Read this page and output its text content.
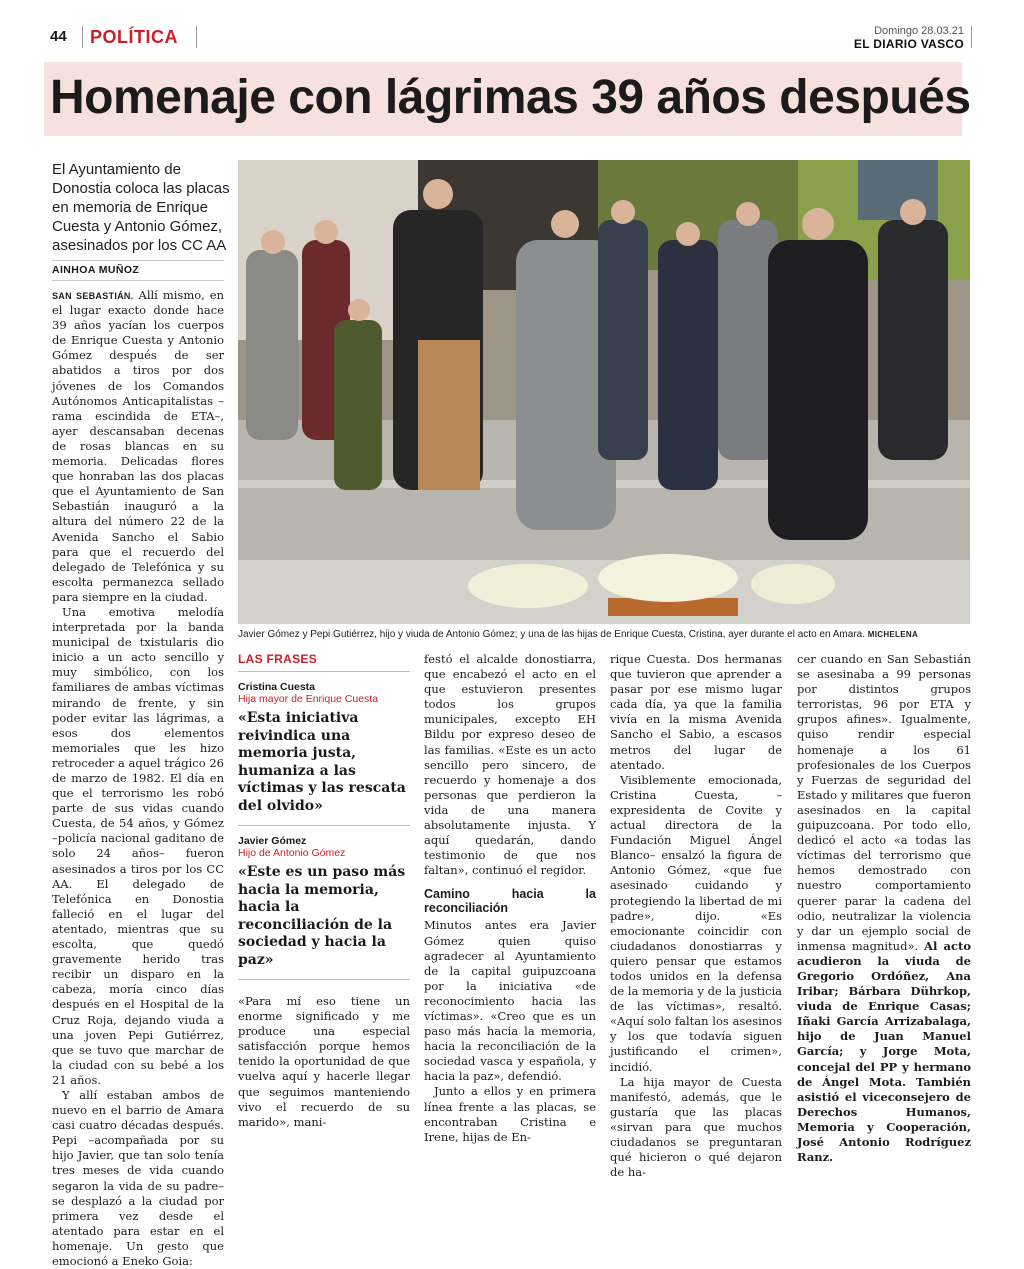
44 POLÍTICA	Domingo 28.03.21
EL DIARIO VASCO
Homenaje con lágrimas 39 años después
El Ayuntamiento de Donostia coloca las placas en memoria de Enrique Cuesta y Antonio Gómez, asesinados por los CC AA
AINHOA MUÑOZ

SAN SEBASTIÁN. Allí mismo, en el lugar exacto donde hace 39 años yacían los cuerpos de Enrique Cuesta y Antonio Gómez después de ser abatidos a tiros por dos jóvenes de los Comandos Autónomos Anticapitalistas –rama escindida de ETA–, ayer descansaban decenas de rosas blancas en su memoria. Delicadas flores que honraban las dos placas que el Ayuntamiento de San Sebastián inauguró a la altura del número 22 de la Avenida Sancho el Sabio para que el recuerdo del delegado de Telefónica y su escolta permanezca sellado para siempre en la ciudad.

Una emotiva melodía interpretada por la banda municipal de txistularis dio inicio a un acto sencillo y muy simbólico, con los familiares de ambas víctimas mirando de frente, y sin poder evitar las lágrimas, a esos dos elementos memoriales que les hizo retroceder a aquel trágico 26 de marzo de 1982. El día en que el terrorismo les robó parte de sus vidas cuando Cuesta, de 54 años, y Gómez –policía nacional gaditano de solo 24 años– fueron asesinados a tiros por los CC AA. El delegado de Telefónica en Donostia falleció en el lugar del atentado, mientras que su escolta, que quedó gravemente herido tras recibir un disparo en la cabeza, moría cinco días después en el Hospital de la Cruz Roja, dejando viuda a una joven Pepi Gutiérrez, que se tuvo que marchar de la ciudad con su bebé a los 21 años.

Y allí estaban ambos de nuevo en el barrio de Amara casi cuatro décadas después. Pepi –acompañada por su hijo Javier, que tan solo tenía tres meses de vida cuando segaron la vida de su padre– se desplazó a la ciudad por primera vez desde el atentado para estar en el homenaje. Un gesto que emocionó a Eneko Goia:

Javier Gómez y Pepi Gutiérrez, hijo y viuda de Antonio Gómez; y una de las hijas de Enrique Cuesta, Cristina, ayer durante el acto en Amara. MICHELENA
LAS FRASES
Cristina Cuesta
Hija mayor de Enrique Cuesta
«Esta iniciativa reivindica una memoria justa, humaniza a las víctimas y las rescata del olvido»
Javier Gómez
Hijo de Antonio Gómez
«Este es un paso más hacia la memoria, hacia la reconciliación de la sociedad y hacia la paz»
«Para mí eso tiene un enorme significado y me produce una especial satisfacción porque hemos tenido la oportunidad de que vuelva aquí y hacerle llegar que seguimos manteniendo vivo el recuerdo de su marido», mani-

festó el alcalde donostiarra, que encabezó el acto en el que estuvieron presentes todos los grupos municipales, excepto EH Bildu por expreso deseo de las familias. «Este es un acto sencillo pero sincero, de recuerdo y homenaje a dos personas que perdieron la vida de una manera absolutamente injusta. Y aquí quedarán, dando testimonio de que nos faltan», continuó el regidor.

Camino hacia la reconciliación

Minutos antes era Javier Gómez quien quiso agradecer al Ayuntamiento de la capital guipuzcoana por la iniciativa «de reconocimiento hacia las víctimas». «Creo que es un paso más hacia la memoria, hacia la reconciliación de la sociedad vasca y española, y hacia la paz», defendió.

Junto a ellos y en primera línea frente a las placas, se encontraban Cristina e Irene, hijas de En-

rique Cuesta. Dos hermanas que tuvieron que aprender a pasar por ese mismo lugar cada día, ya que la familia vivía en la misma Avenida Sancho el Sabio, a escasos metros del lugar de atentado.

Visiblemente emocionada, Cristina Cuesta, –expresidenta de Covite y actual directora de la Fundación Miguel Ángel Blanco– ensalzó la figura de Antonio Gómez, «que fue asesinado cuidando y protegiendo la libertad de mi padre», dijo. «Es emocionante coincidir con ciudadanos donostiarras y quiero pensar que estamos todos unidos en la defensa de la memoria y de la justicia de las víctimas», resaltó. «Aquí solo faltan los asesinos y los que todavía siguen justificando el crimen», incidió.

La hija mayor de Cuesta manifestó, además, que le gustaría que las placas «sirvan para que muchos ciudadanos se preguntaran qué hicieron o qué dejaron de ha-

cer cuando en San Sebastián se asesinaba a 99 personas por distintos grupos terroristas, 96 por ETA y grupos afines». Igualmente, quiso rendir especial homenaje a los 61 profesionales de los Cuerpos y Fuerzas de seguridad del Estado y militares que fueron asesinados en la capital guipuzcoana. Por todo ello, dedicó el acto «a todas las víctimas del terrorismo que hemos demostrado con nuestro comportamiento querer parar la cadena del odio, neutralizar la violencia y dar un ejemplo social de inmensa magnitud». Al acto acudieron la viuda de Gregorio Ordóñez, Ana Iribar; Bárbara Dührkop, viuda de Enrique Casas; Iñaki García Arrizabalaga, hijo de Juan Manuel García; y Jorge Mota, concejal del PP y hermano de Ángel Mota. También asistió el viceconsejero de Derechos Humanos, Memoria y Cooperación, José Antonio Rodríguez Ranz.
